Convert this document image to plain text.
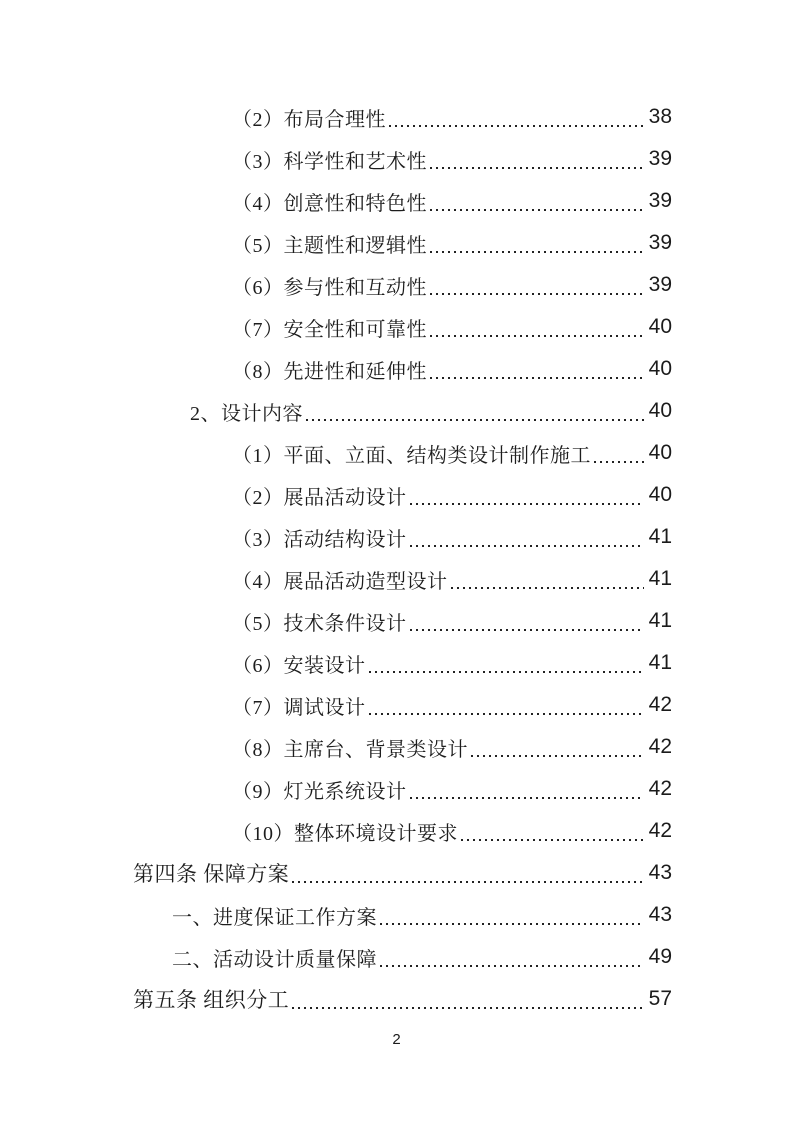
（2）布局合理性	38
（3）科学性和艺术性	39
（4）创意性和特色性	39
（5）主题性和逻辑性	39
（6）参与性和互动性	39
（7）安全性和可靠性	40
（8）先进性和延伸性	40
2、设计内容	40
（1）平面、立面、结构类设计制作施工	40
（2）展品活动设计	40
（3）活动结构设计	41
（4）展品活动造型设计	41
（5）技术条件设计	41
（6）安装设计	41
（7）调试设计	42
（8）主席台、背景类设计	42
（9）灯光系统设计	42
（10）整体环境设计要求	42
第四条 保障方案	43
一、进度保证工作方案	43
二、活动设计质量保障	49
第五条 组织分工	57
2
